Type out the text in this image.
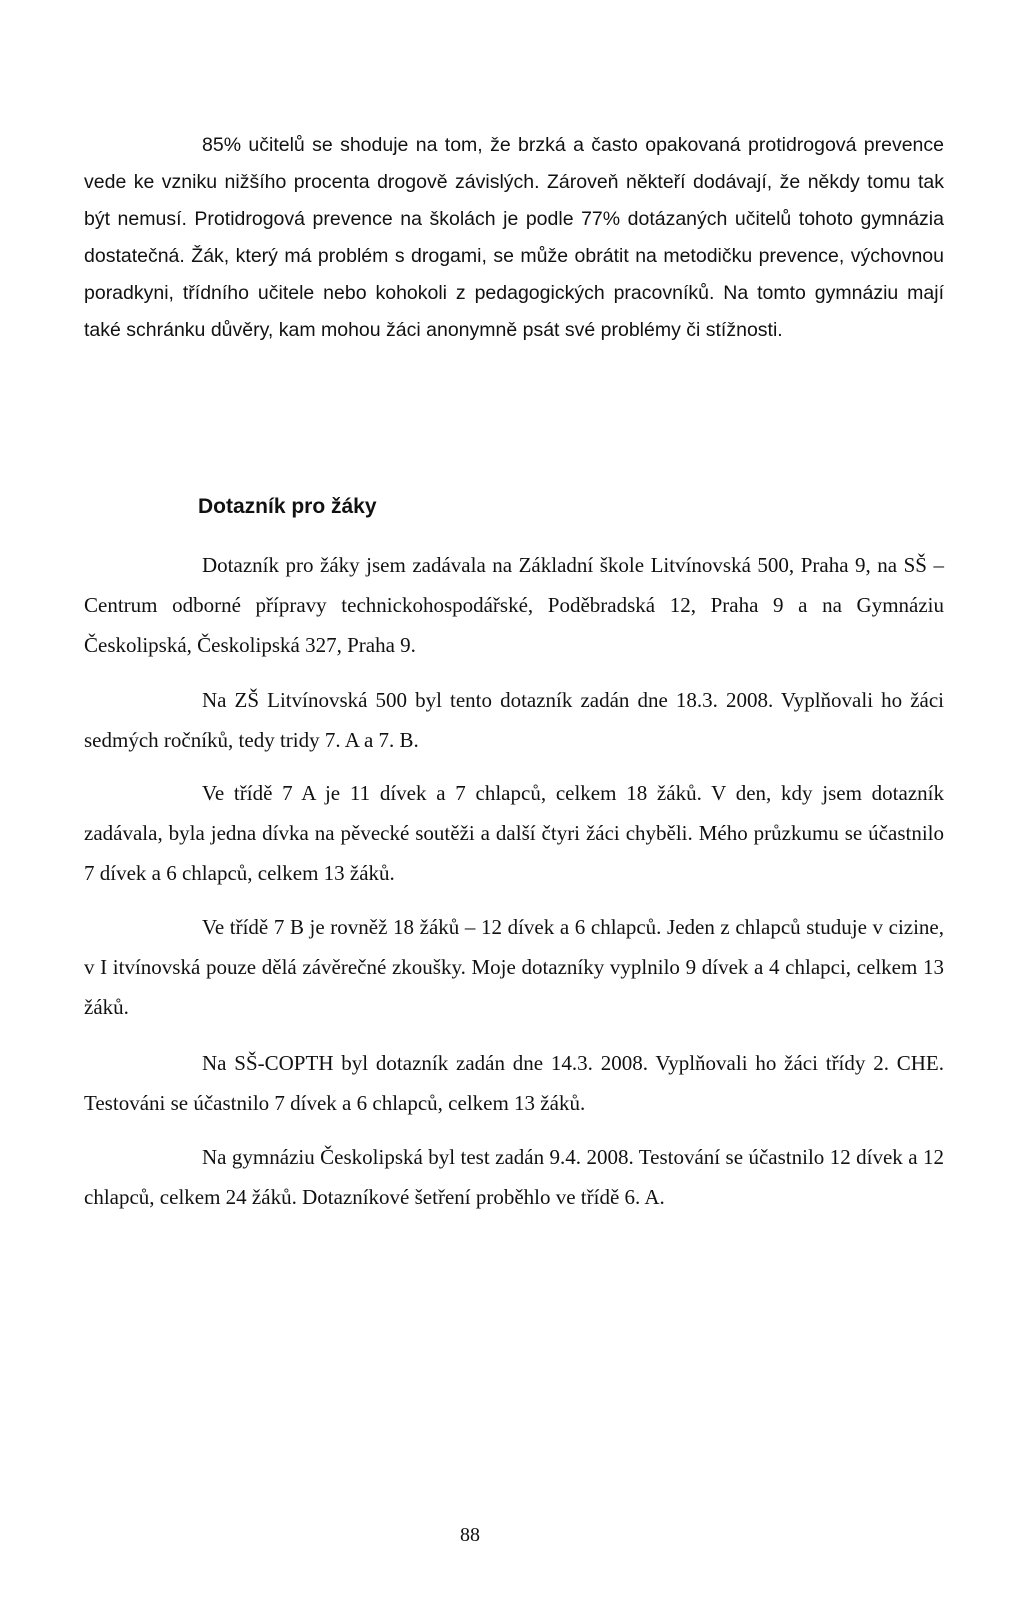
85% učitelů se shoduje na tom, že brzká a často opakovaná protidrogová prevence vede ke vzniku nižšího procenta drogově závislých. Zároveň někteří dodávají, že někdy tomu tak být nemusí. Protidrogová prevence na školách je podle 77% dotázaných učitelů tohoto gymnázia dostatečná. Žák, který má problém s drogami, se může obrátit na metodičku prevence, výchovnou poradkyni, třídního učitele nebo kohokoli z pedagogických pracovníků. Na tomto gymnáziu mají také schránku důvěry, kam mohou žáci anonymně psát své problémy či stížnosti.

Dotazník pro žáky

Dotazník pro žáky jsem zadávala na Základní škole Litvínovská 500, Praha 9, na SŠ – Centrum odborné přípravy technickohospodářské, Poděbradská 12, Praha 9 a na Gymnáziu Českolipská, Českolipská 327, Praha 9.

Na ZŠ Litvínovská 500 byl tento dotazník zadán dne 18.3. 2008. Vyplňovali ho žáci sedmých ročníků, tedy tridy 7. A a 7. B.

Ve třídě 7 A je 11 dívek a 7 chlapců, celkem 18 žáků. V den, kdy jsem dotazník zadávala, byla jedna dívka na pěvecké soutěži a další čtyri žáci chyběli. Mého průzkumu se účastnilo 7 dívek a 6 chlapců, celkem 13 žáků.

Ve třídě 7 B je rovněž 18 žáků – 12 dívek a 6 chlapců. Jeden z chlapců studuje v cizine, v I itvínovská pouze dělá závěrečné zkoušky. Moje dotazníky vyplnilo 9 dívek a 4 chlapci, celkem 13 žáků.

Na SŠ-COPTH byl dotazník zadán dne 14.3. 2008. Vyplňovali ho žáci třídy 2. CHE. Testováni se účastnilo 7 dívek a 6 chlapců, celkem 13 žáků.

Na gymnáziu Českolipská byl test zadán 9.4. 2008. Testování se účastnilo 12 dívek a 12 chlapců, celkem 24 žáků. Dotazníkové šetření proběhlo ve třídě 6. A.

88
